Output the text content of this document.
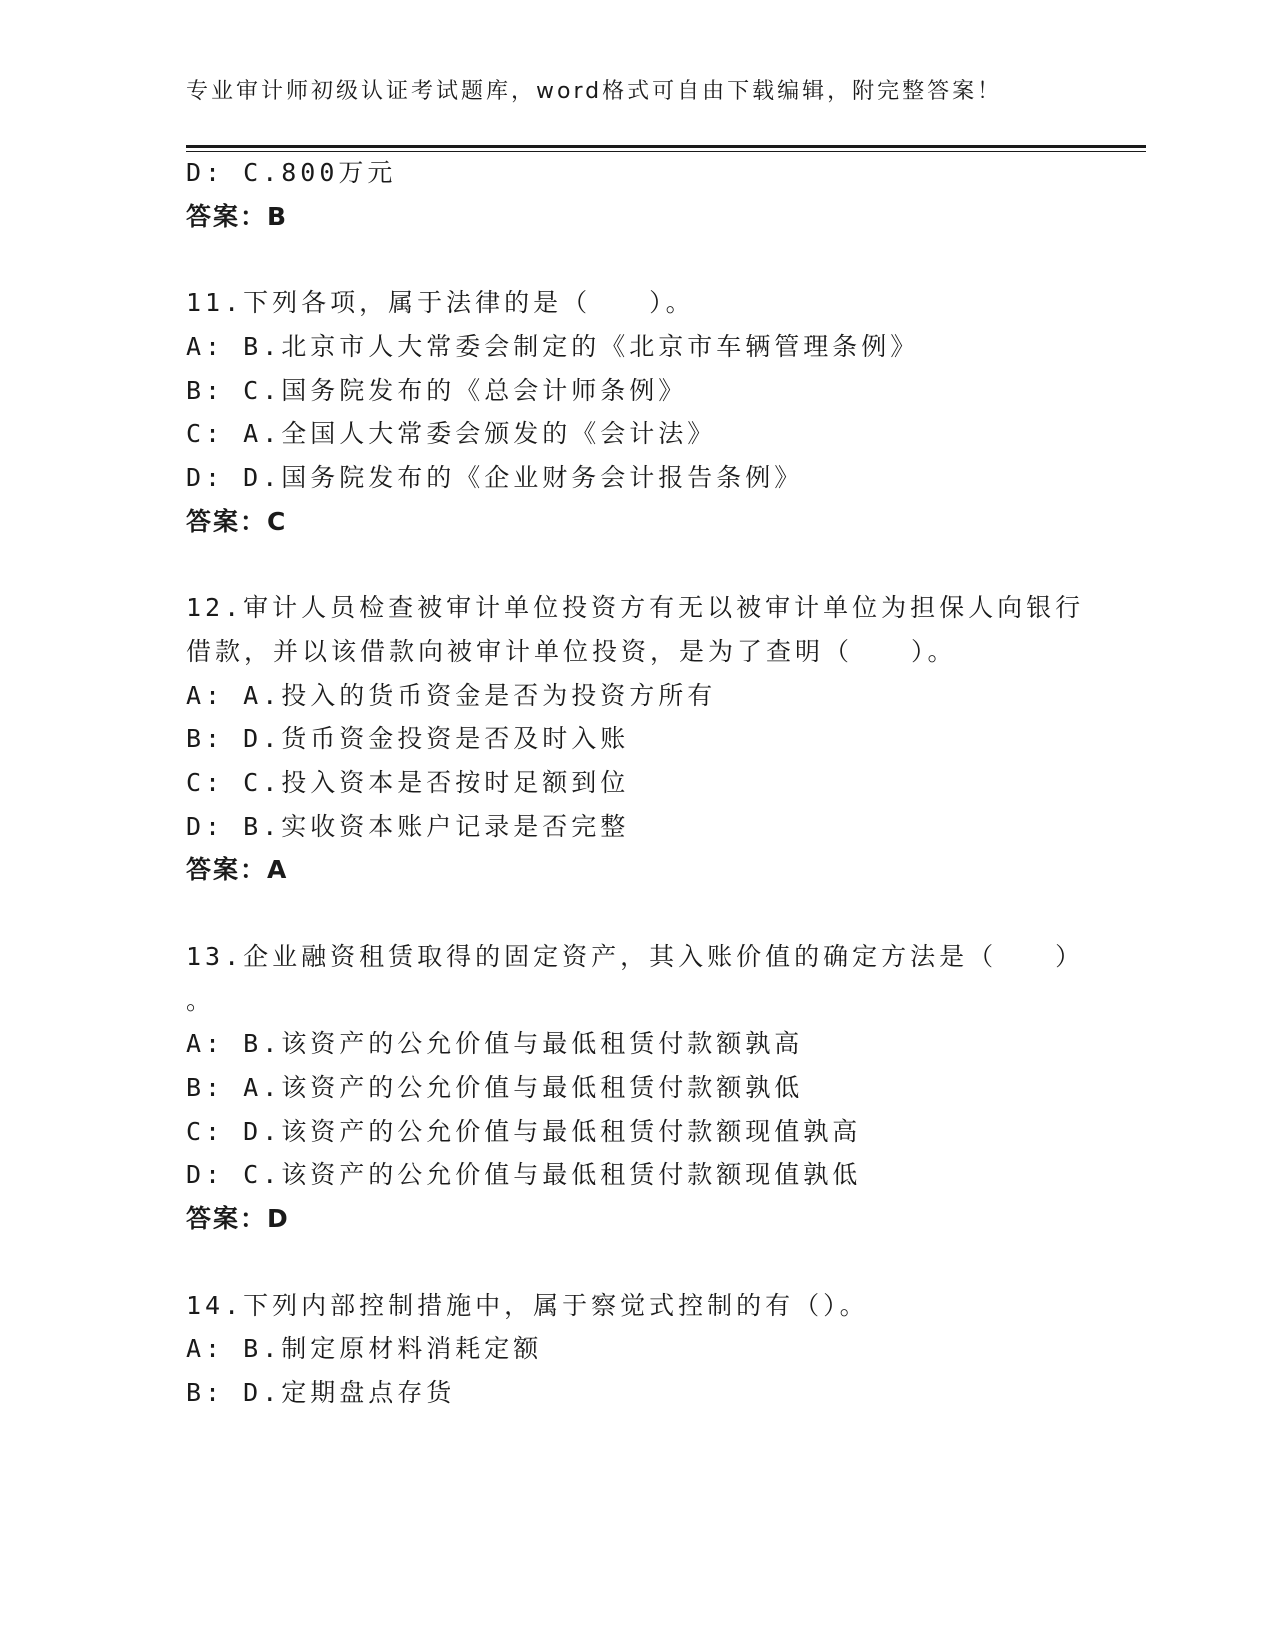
专业审计师初级认证考试题库，word格式可自由下载编辑，附完整答案！
D: C.800万元
答案：B
11.下列各项，属于法律的是（　　）。
A: B.北京市人大常委会制定的《北京市车辆管理条例》
B: C.国务院发布的《总会计师条例》
C: A.全国人大常委会颁发的《会计法》
D: D.国务院发布的《企业财务会计报告条例》
答案：C
12.审计人员检查被审计单位投资方有无以被审计单位为担保人向银行
借款，并以该借款向被审计单位投资，是为了查明（　　）。
A: A.投入的货币资金是否为投资方所有
B: D.货币资金投资是否及时入账
C: C.投入资本是否按时足额到位
D: B.实收资本账户记录是否完整
答案：A
13.企业融资租赁取得的固定资产，其入账价值的确定方法是（　　）
。
A: B.该资产的公允价值与最低租赁付款额孰高
B: A.该资产的公允价值与最低租赁付款额孰低
C: D.该资产的公允价值与最低租赁付款额现值孰高
D: C.该资产的公允价值与最低租赁付款额现值孰低
答案：D
14.下列内部控制措施中，属于察觉式控制的有（）。
A: B.制定原材料消耗定额
B: D.定期盘点存货
